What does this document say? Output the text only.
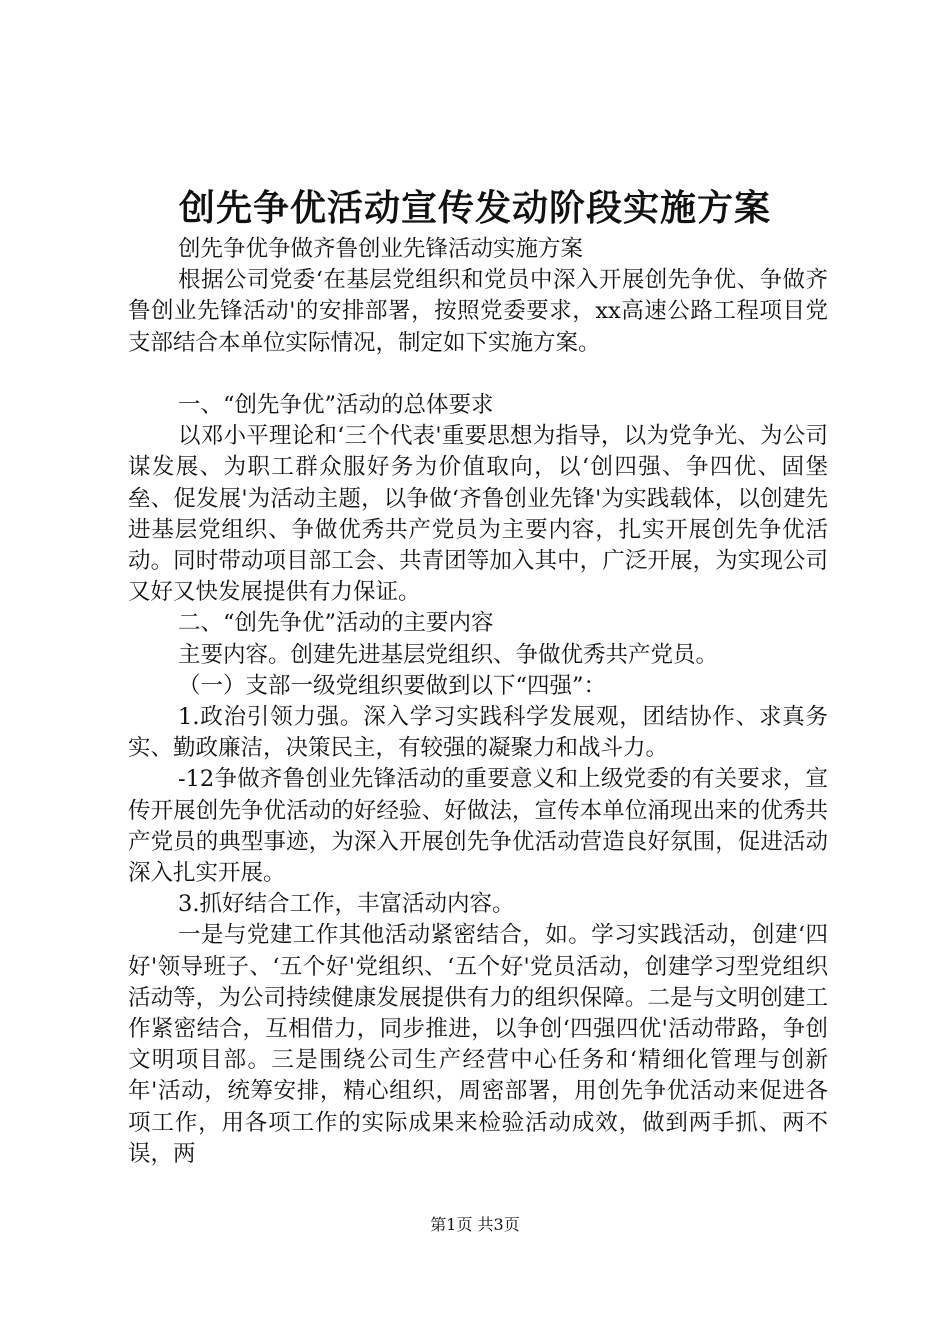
创先争优活动宣传发动阶段实施方案

创先争优争做齐鲁创业先锋活动实施方案

根据公司党委‘在基层党组织和党员中深入开展创先争优、争做齐鲁创业先锋活动'的安排部署，按照党委要求，xx高速公路工程项目党支部结合本单位实际情况，制定如下实施方案。

一、“创先争优”活动的总体要求

以邓小平理论和‘三个代表'重要思想为指导，以为党争光、为公司谋发展、为职工群众服好务为价值取向，以‘创四强、争四优、固堡垒、促发展'为活动主题，以争做‘齐鲁创业先锋'为实践载体，以创建先进基层党组织、争做优秀共产党员为主要内容，扎实开展创先争优活动。同时带动项目部工会、共青团等加入其中，广泛开展，为实现公司又好又快发展提供有力保证。

二、“创先争优”活动的主要内容

主要内容。创建先进基层党组织、争做优秀共产党员。

（一）支部一级党组织要做到以下“四强”：

1.政治引领力强。深入学习实践科学发展观，团结协作、求真务实、勤政廉洁，决策民主，有较强的凝聚力和战斗力。

-12争做齐鲁创业先锋活动的重要意义和上级党委的有关要求，宣传开展创先争优活动的好经验、好做法，宣传本单位涌现出来的优秀共产党员的典型事迹，为深入开展创先争优活动营造良好氛围，促进活动深入扎实开展。

3.抓好结合工作，丰富活动内容。

一是与党建工作其他活动紧密结合，如。学习实践活动，创建‘四好'领导班子、‘五个好'党组织、‘五个好'党员活动，创建学习型党组织活动等，为公司持续健康发展提供有力的组织保障。二是与文明创建工作紧密结合，互相借力，同步推进，以争创‘四强四优'活动带路，争创文明项目部。三是围绕公司生产经营中心任务和‘精细化管理与创新年'活动，统筹安排，精心组织，周密部署，用创先争优活动来促进各项工作，用各项工作的实际成果来检验活动成效，做到两手抓、两不误，两

第1页 共3页
